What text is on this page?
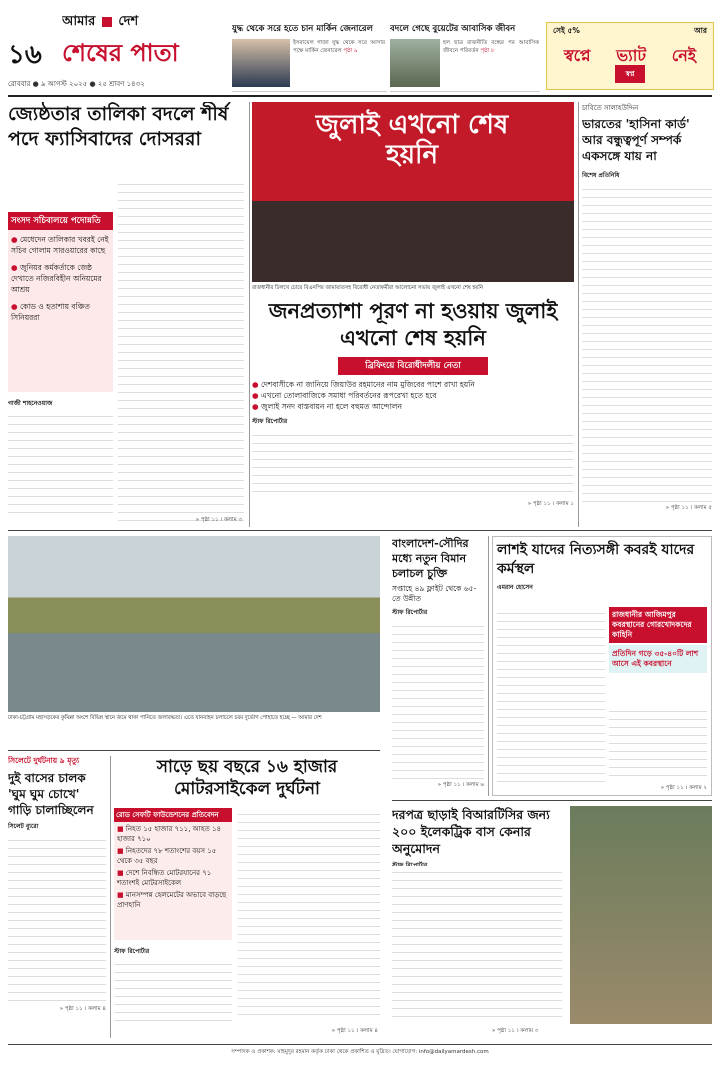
১৬
আমার দেশ
শেষের পাতা
রোববার ● ৯ আগস্ট ২০২৫ ● ২৫ শ্রাবণ ১৪৩২
যুদ্ধ থেকে সরে হতে চান মার্কিন জেনারেল
ইসরায়েল গাজা যুদ্ধ থেকে সরে আসার পক্ষে মার্কিন জেনারেল পৃষ্ঠা ৯
বদলে গেছে বুয়েটের আবাসিক জীবন
হল ছাত্র রাজনীতি বন্ধের পর আবাসিক জীবনে পরিবর্তন পৃষ্ঠা ৮
সেই ৫%	আর
স্বপ্নে ভ্যাট নেই
স্বপ্ন
জ্যেষ্ঠতার তালিকা বদলে শীর্ষ পদে ফ্যাসিবাদের দোসররা
সংসদ সচিবালয়ে পদোন্নতি
● মেধেদেন তালিকার খবরই নেই সচিব গোলাম সারওয়ারের কাছে
● জুনিয়র কর্মকর্তাকে জেষ্ঠ দেখাতে নজিরবিহীন অনিয়মের আশ্রয়
● কোড ও হতাশায় বঞ্চিত সিনিয়ররা
গাজী শাহনেওয়াজ
» পৃষ্ঠা ১১ । কলাম ৩
জুলাই এখনো শেষ হয়নি
রাজধানীর ঢিলখে চোরে বিএনপির জামায়াতসহ বিরোধী নেতাকর্মীরা আলোচনা সভায় জুলাই এখনো শেষ হয়নি
জনপ্রত্যাশা পূরণ না হওয়ায় জুলাই এখনো শেষ হয়নি
ব্রিফিংয়ে বিরোধীদলীয় নেতা
● দেশবাসীকে না জানিয়ে জিয়াউর রহমানের নাম মুজিবের পাশে রাখা হয়নি
● এখনো তোলাবাজিকে সমাধা পরিবর্তনের রূপরেখা হতে হবে
● জুলাই সনদ বাস্তবায়ন না হলে বহুমত আন্দোলন
স্টাফ রিপোর্টার
» পৃষ্ঠা ১১ । কলাম ১
চাবিতে সালাহউদ্দিন
ভারতের 'হাসিনা কার্ড' আর বন্ধুত্বপূর্ণ সম্পর্ক একসঙ্গে যায় না
বিশেষ প্রতিনিধি
» পৃষ্ঠা ১১ । কলাম ৫
ঢাকা-চট্টগ্রাম মহাসড়কের কুমিল্লা অংশে বিভিন্ন স্থানে জমে থাকা পানিতে জলাবদ্ধতা। এতে যানবাহন চলাচলে চরম দুর্ভোগ পোহাতে হচ্ছে — আমার দেশ
বাংলাদেশ-সৌদির মধ্যে নতুন বিমান চলাচল চুক্তি
সপ্তাহে ৪৯ ফ্লাইট থেকে ৬৫-তে উন্নীত
স্টাফ রিপোর্টার
» পৃষ্ঠা ১১ । কলাম ৬
লাশই যাদের নিত্যসঙ্গী কবরই যাদের কর্মস্থল
এমরান হোসেন
রাজধানীর আজিমপুর কবরস্থানের গোরখোদকদের কাহিনি
প্রতিদিন গড়ে ৩৫-৪০টি লাশ আসে এই কবরস্থানে
» পৃষ্ঠা ১১ । কলাম ২
সিলেটে দুর্ঘটনায় ৯ মৃত্যু
দুই বাসের চালক 'ঘুম ঘুম চোখে' গাড়ি চালাচ্ছিলেন
সিলেট ব্যুরো
» পৃষ্ঠা ১১ । কলাম ৪
সাড়ে ছয় বছরে ১৬ হাজার মোটরসাইকেল দুর্ঘটনা
রোড সেফটি ফাউন্ডেশনের প্রতিবেদন
■ নিহত ১৫ হাজার ৭১১, আহত ১৪ হাজার ৭১০
■ নিহতদের ৭৮ শতাংশের বয়স ১৫ থেকে ৩৫ বছর
■ দেশে নিবন্ধিত মোটরযানের ৭১ শতাংশই মোটরসাইকেল
■ মানসম্পন্ন হেলমেটের অভাবে বাড়ছে প্রাণহানি
স্টাফ রিপোর্টার
» পৃষ্ঠা ১১ । কলাম ৪
দরপত্র ছাড়াই বিআরটিসির জন্য ২০০ ইলেকট্রিক বাস কেনার অনুমোদন
» পৃষ্ঠা ১১ । কলাম ৩
সম্পাদক ও প্রকাশক: মাহমুদুর রহমান কর্তৃক ঢাকা থেকে প্রকাশিত ও মুদ্রিত। যোগাযোগ: info@dailyamardesh.com
